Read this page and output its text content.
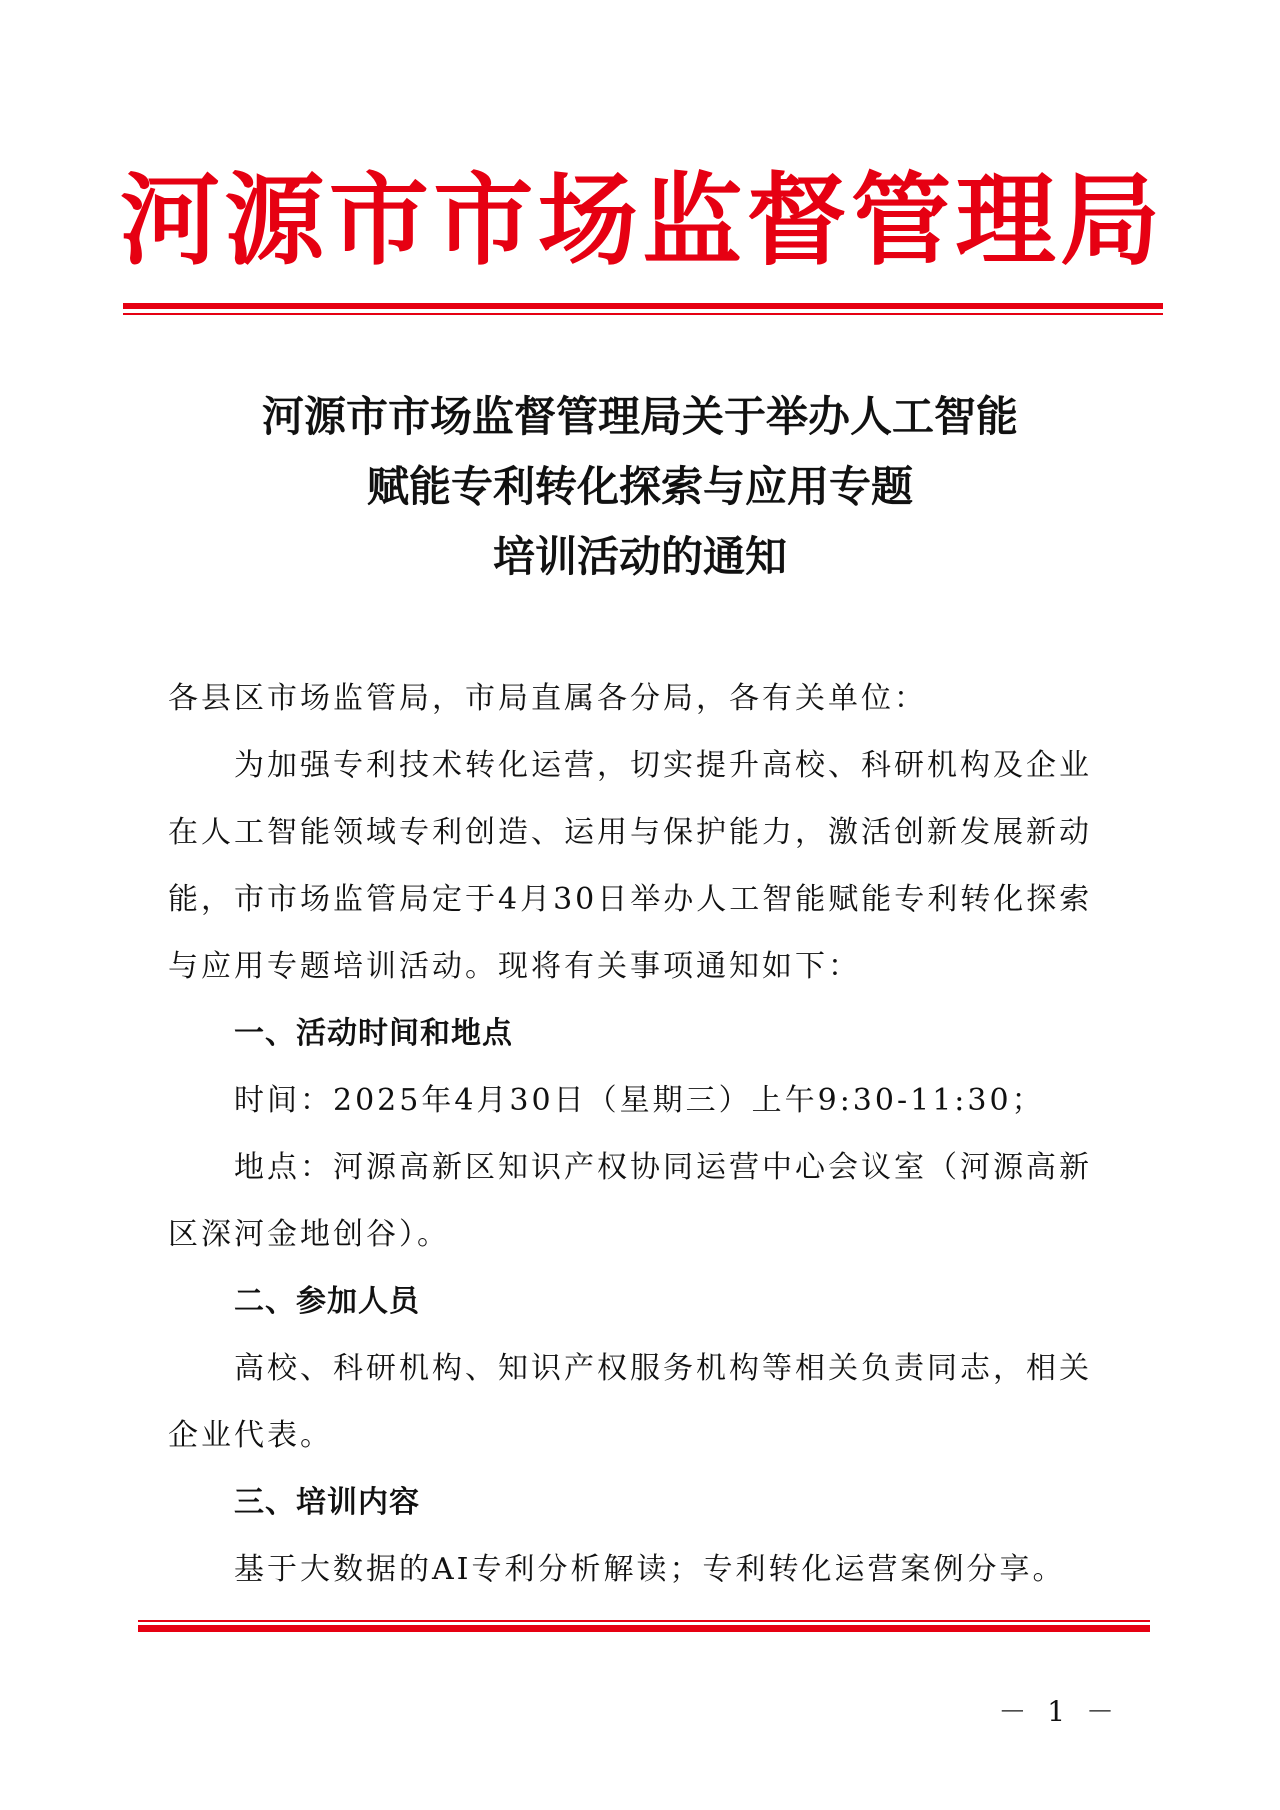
河 源 市 市 场 监 督 管 理 局
河源市市场监督管理局关于举办人工智能
赋能专利转化探索与应用专题
培训活动的通知

各县区市场监管局，市局直属各分局，各有关单位：

为加强专利技术转化运营，切实提升高校、科研机构及企业在人工智能领域专利创造、运用与保护能力，激活创新发展新动能，市市场监管局定于4月30日举办人工智能赋能专利转化探索与应用专题培训活动。现将有关事项通知如下：

一、活动时间和地点

时间：2025年4月30日（星期三）上午9:30-11:30；

地点：河源高新区知识产权协同运营中心会议室（河源高新区深河金地创谷）。

二、参加人员

高校、科研机构、知识产权服务机构等相关负责同志，相关企业代表。

三、培训内容

基于大数据的AI专利分析解读；专利转化运营案例分享。

－ 1 －
